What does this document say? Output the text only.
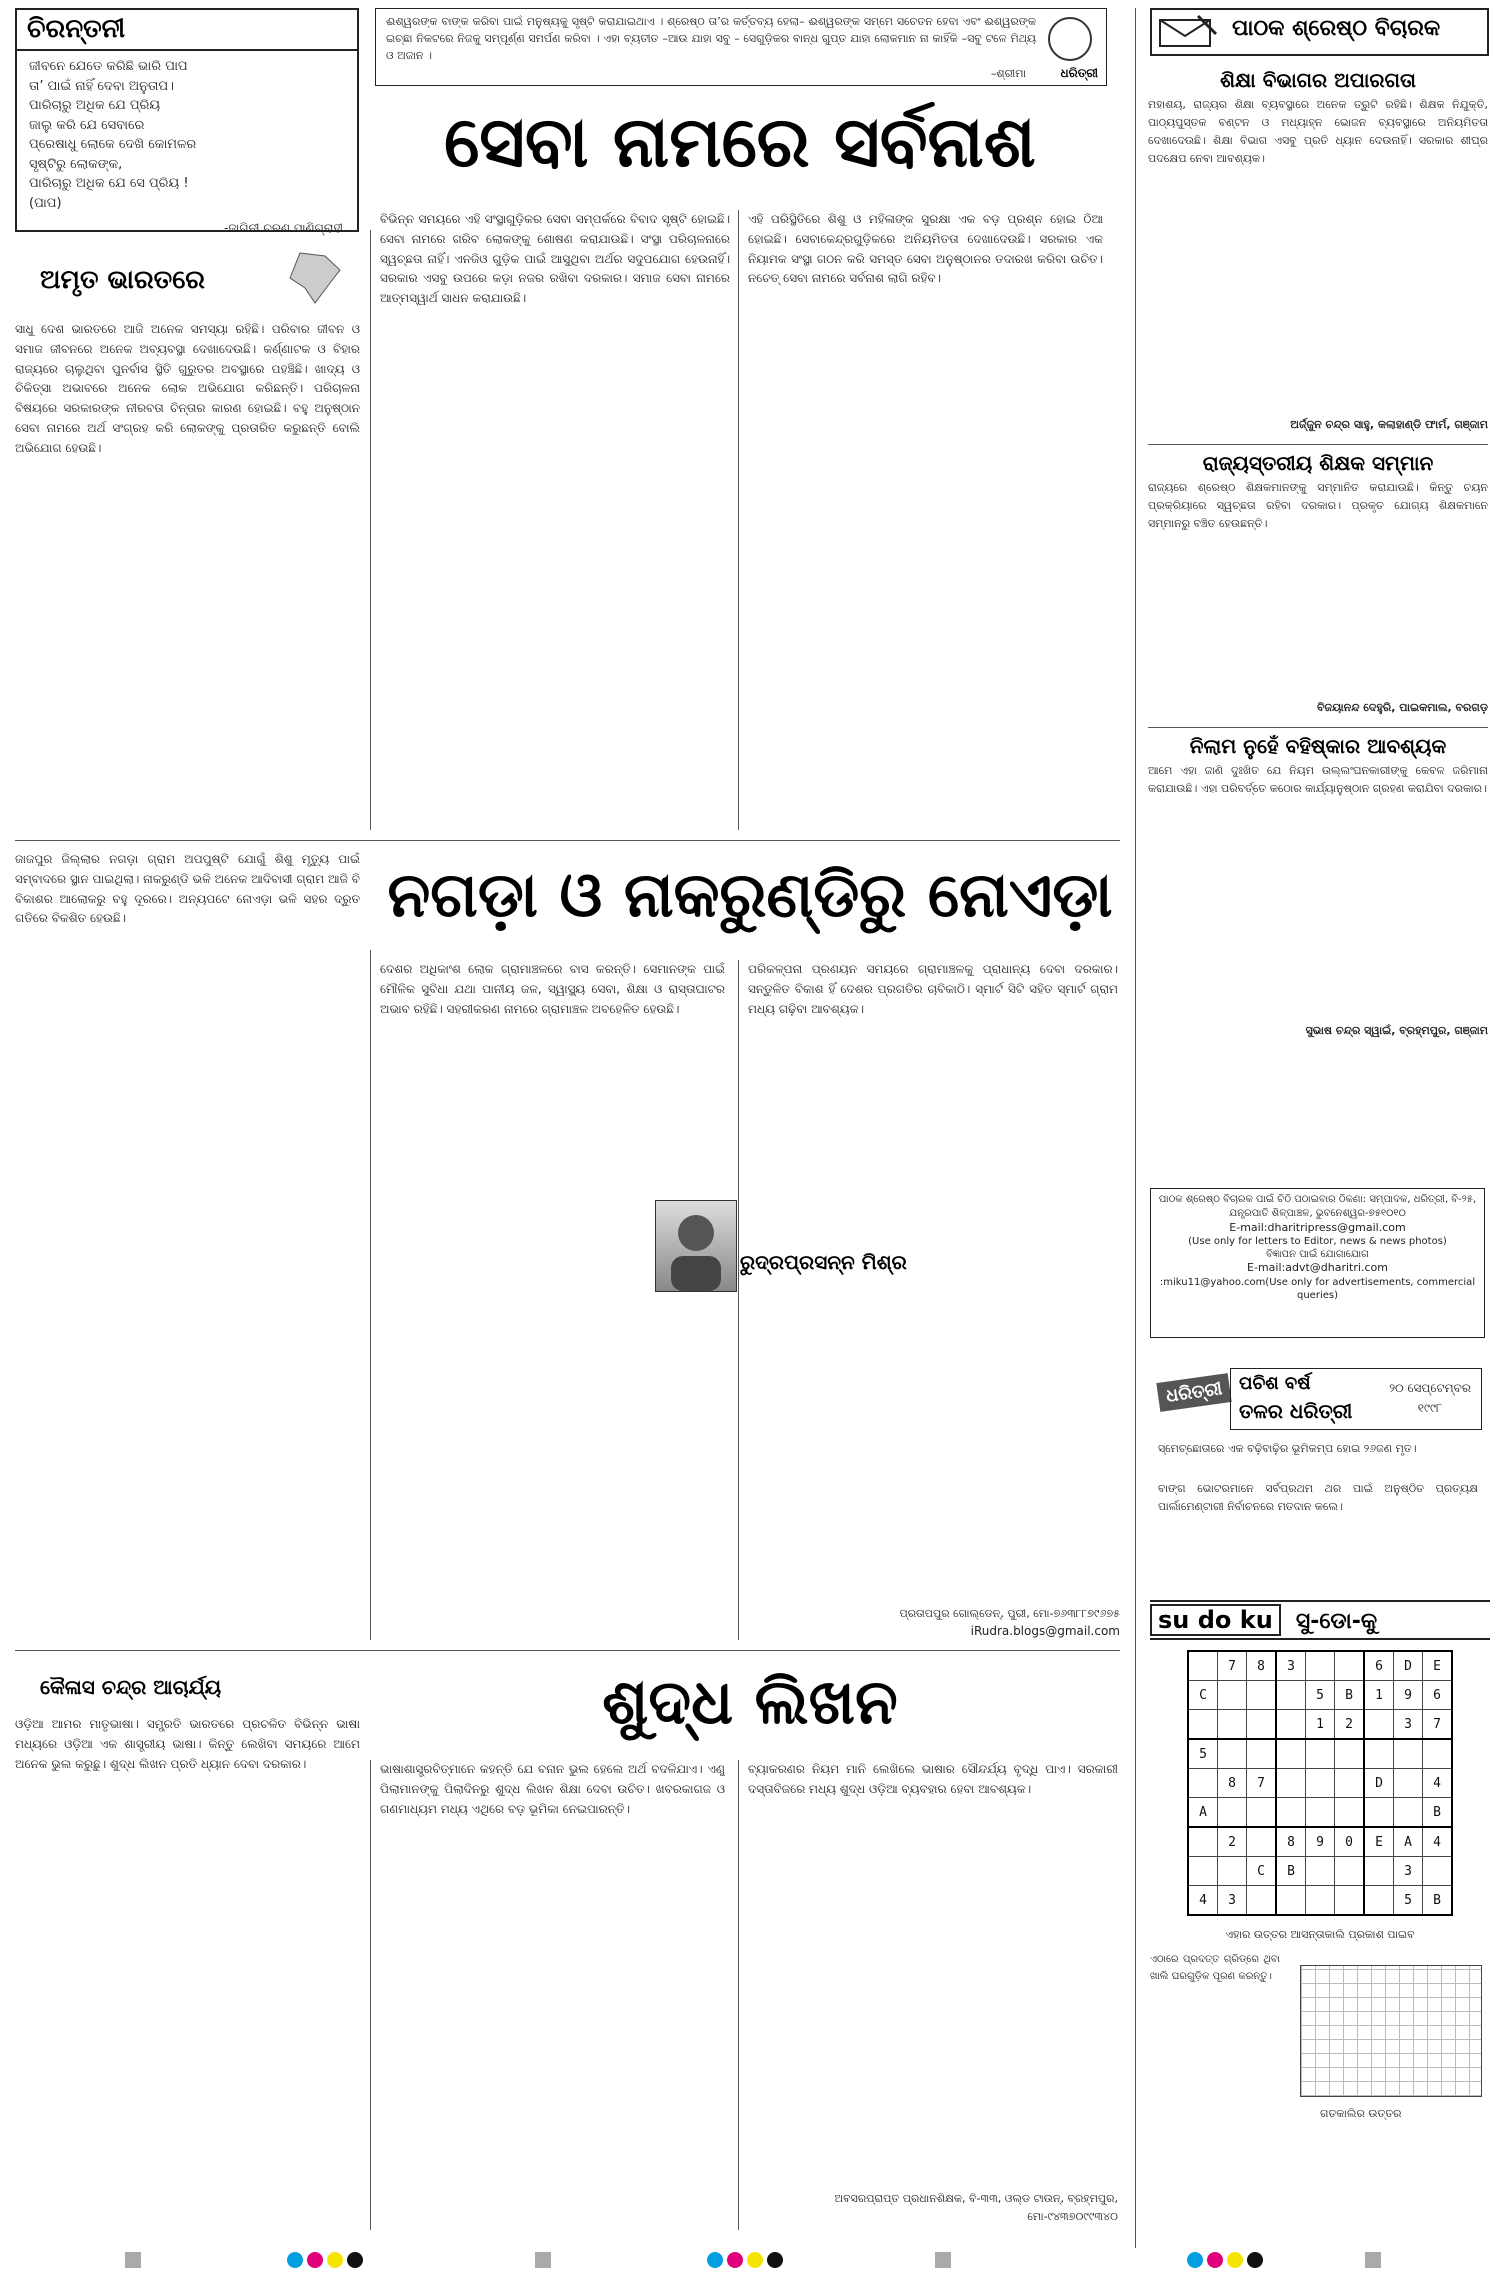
ଚିରନ୍ତନୀ
ଜୀବନେ ଯେତେ କରିଛି ଭାରି ପାପ
ତା’ ପାଇଁ ନାହିଁ ଦେବା ଅନୁତାପ।
ପାରିଚାରୁ ଅଧିକ ଯେ ପ୍ରିୟ
ଜାଲୁ କରି ଯେ ସେବାରେ
ପ୍ରେଷାଧୁ ଲୋକେ ଦେଖି କୋମଳର
ସୃଷ୍ଟିରୁ ଲୋକଙ୍କ,
ପାରିଚାରୁ ଅଧିକ ଯେ ସେ ପ୍ରିୟ !
(ପାପ)
-ଜାଗିନୀ ଚରଣ ପାଣିଗ୍ରାହୀ
ଈଶ୍ୱରଙ୍କ ବାଙ୍କ କରିବା ପାଇଁ ମନୁଷ୍ୟକୁ ସୃଷ୍ଟି କରାଯାଇଥାଏ । ଶ୍ରେଷ୍ଠ ତା’ର କର୍ତ୍ତବ୍ୟ ହେଲା– ଈଶ୍ୱରଙ୍କ ସମ୍ମେ ସଚେତନ ହେବା ଏବଂ ଈଶ୍ୱରଙ୍କ ଇଚ୍ଛା ନିକଟରେ ନିଜକୁ ସମ୍ପୂର୍ଣ୍ଣ ସମର୍ପଣ କରିବା । ଏହା ବ୍ୟତୀତ –ଆଉ ଯାହା ସବୁ – ସେଗୁଡ଼ିକର ବାନ୍ଧ ଗୁପ୍ତ ଯାହା ଲୋକମାନ ନା କାହିଁକି –ସବୁ ଟଳେ ମିଥ୍ୟ ଓ ଅଜାନ ।
–ଶ୍ରୀମା	ଧରିତ୍ରୀ
ପାଠକ ଶ୍ରେଷ୍ଠ ବିଚାରକ
ସେବା ନାମରେ ସର୍ବନାଶ
ଅମୃତ ଭାରତରେ
ସାଧୁ ଦେଶ ଭାରତରେ ଆଜି ଅନେକ ସମସ୍ୟା ରହିଛି। ପରିବାର ଜୀବନ ଓ ସମାଜ ଜୀବନରେ ଅନେକ ଅବ୍ୟବସ୍ଥା ଦେଖାଦେଉଛି। କର୍ଣ୍ଣାଟକ ଓ ବିହାର ରାଜ୍ୟରେ ଚାଲୁଥିବା ପୁନର୍ବାସ ସ୍ଥିତି ଗୁରୁତର ଅବସ୍ଥାରେ ପହଞ୍ଚିଛି। ଖାଦ୍ୟ ଓ ଚିକିତ୍ସା ଅଭାବରେ ଅନେକ ଲୋକ ଅଭିଯୋଗ କରିଛନ୍ତି। ପରିଚାଳନା ବିଷୟରେ ସରକାରଙ୍କ ନୀରବତା ଚିନ୍ତାର କାରଣ ହୋଇଛି। ବହୁ ଅନୁଷ୍ଠାନ ସେବା ନାମରେ ଅର୍ଥ ସଂଗ୍ରହ କରି ଲୋକଙ୍କୁ ପ୍ରତାରିତ କରୁଛନ୍ତି ବୋଲି ଅଭିଯୋଗ ହେଉଛି।
ବିଭିନ୍ନ ସମୟରେ ଏହି ସଂସ୍ଥାଗୁଡ଼ିକର ସେବା ସମ୍ପର୍କରେ ବିବାଦ ସୃଷ୍ଟି ହୋଇଛି। ସେବା ନାମରେ ଗରିବ ଲୋକଙ୍କୁ ଶୋଷଣ କରାଯାଉଛି। ସଂସ୍ଥା ପରିଚାଳନାରେ ସ୍ୱଚ୍ଛତା ନାହିଁ। ଏନଜିଓ ଗୁଡ଼ିକ ପାଇଁ ଆସୁଥିବା ଅର୍ଥର ସଦୁପଯୋଗ ହେଉନାହିଁ। ସରକାର ଏସବୁ ଉପରେ କଡ଼ା ନଜର ରଖିବା ଦରକାର। ସମାଜ ସେବା ନାମରେ ଆତ୍ମସ୍ୱାର୍ଥ ସାଧନ କରାଯାଉଛି।
ଏହି ପରିସ୍ଥିତିରେ ଶିଶୁ ଓ ମହିଳାଙ୍କ ସୁରକ୍ଷା ଏକ ବଡ଼ ପ୍ରଶ୍ନ ହୋଇ ଠିଆ ହୋଇଛି। ସେବାକେନ୍ଦ୍ରଗୁଡ଼ିକରେ ଅନିୟମିତତା ଦେଖାଦେଉଛି। ସରକାର ଏକ ନିୟାମକ ସଂସ୍ଥା ଗଠନ କରି ସମସ୍ତ ସେବା ଅନୁଷ୍ଠାନର ତଦାରଖ କରିବା ଉଚିତ। ନଚେତ୍ ସେବା ନାମରେ ସର୍ବନାଶ ଲାଗି ରହିବ।
ଶିକ୍ଷା ବିଭାଗର ଅପାରଗତା
ମହାଶୟ, ରାଜ୍ୟର ଶିକ୍ଷା ବ୍ୟବସ୍ଥାରେ ଅନେକ ତ୍ରୁଟି ରହିଛି। ଶିକ୍ଷକ ନିଯୁକ୍ତି, ପାଠ୍ୟପୁସ୍ତକ ବଣ୍ଟନ ଓ ମଧ୍ୟାହ୍ନ ଭୋଜନ ବ୍ୟବସ୍ଥାରେ ଅନିୟମିତତା ଦେଖାଦେଉଛି। ଶିକ୍ଷା ବିଭାଗ ଏସବୁ ପ୍ରତି ଧ୍ୟାନ ଦେଉନାହିଁ। ସରକାର ଶୀଘ୍ର ପଦକ୍ଷେପ ନେବା ଆବଶ୍ୟକ।
ଅର୍ଜ୍ଜୁନ ଚନ୍ଦ୍ର ସାହୁ, କଲାହାଣ୍ଡି ଫାର୍ମ, ଗଞ୍ଜାମ
ରାଜ୍ୟସ୍ତରୀୟ ଶିକ୍ଷକ ସମ୍ମାନ
ରାଜ୍ୟରେ ଶ୍ରେଷ୍ଠ ଶିକ୍ଷକମାନଙ୍କୁ ସମ୍ମାନିତ କରାଯାଉଛି। କିନ୍ତୁ ଚୟନ ପ୍ରକ୍ରିୟାରେ ସ୍ୱଚ୍ଛତା ରହିବା ଦରକାର। ପ୍ରକୃତ ଯୋଗ୍ୟ ଶିକ୍ଷକମାନେ ସମ୍ମାନରୁ ବଞ୍ଚିତ ହେଉଛନ୍ତି।
ବିଜୟାନନ୍ଦ ଦେହୁରି, ପାଇକମାଲ, ବରଗଡ଼
ନିଲାମ ନୁହେଁ ବହିଷ୍କାର ଆବଶ୍ୟକ
ଆମେ ଏହା ଜାଣି ଦୁଃଖିତ ଯେ ନିୟମ ଉଲ୍ଲଂଘନକାରୀଙ୍କୁ କେବଳ ଜରିମାନା କରାଯାଉଛି। ଏହା ପରିବର୍ତ୍ତେ କଠୋର କାର୍ଯ୍ୟାନୁଷ୍ଠାନ ଗ୍ରହଣ କରାଯିବା ଦରକାର।
ସୁଭାଷ ଚନ୍ଦ୍ର ସ୍ୱାଇଁ, ବ୍ରହ୍ମପୁର, ଗଞ୍ଜାମ
ପାଠକ ଶ୍ରେଷ୍ଠ ବିଚାରକ ପାଇଁ ଚିଠି ପଠାଇବାର ଠିକଣା: ସମ୍ପାଦକ, ଧରିତ୍ରୀ, ବି-୨୫, ଯନ୍ତ୍ରପାତି ଶିଳ୍ପାଞ୍ଚଳ, ଭୁବନେଶ୍ୱର-୭୫୧୦୧୦
E-mail:dharitripress@gmail.com
(Use only for letters to Editor, news & news photos)
ବିଜ୍ଞାପନ ପାଇଁ ଯୋଗାଯୋଗ
E-mail:advt@dharitri.com
:miku11@yahoo.com(Use only for advertisements, commercial queries)
ଧରିତ୍ରୀ ପଚିଶ ବର୍ଷ
ତଳର ଧରିତ୍ରୀ
୨୦ ସେପ୍ଟେମ୍ବର ୧୯୯୮
ସ୍ମେଚ୍ଛୋତାରେ ଏକ ବଢ଼ିବାଢ଼ିର ଭୂମିକମ୍ପ ହୋଇ ୨୬ଜଣ ମୃତ।
ବାଙ୍ଗ ଭୋଟରମାନେ ସର୍ବପ୍ରଥମ ଥର ପାଇଁ ଅନୁଷ୍ଠିତ ପ୍ରତ୍ୟକ୍ଷ ପାର୍ଲାମେଣ୍ଟାରୀ ନିର୍ବାଚନରେ ମତଦାନ କଲେ।
su do ku ସୁ-ଡୋ-କୁ
	7	8	3			6	D	E
C				5	B	1	9	6
				1	2		3	7
5								
	8	7				D		4
A								B
	2		8	9	0	E	A	4
		C	B				3	
4	3						5	B
ଏହାର ଉତ୍ତର ଆସନ୍ତାକାଲି ପ୍ରକାଶ ପାଇବ
ଏଠାରେ ପ୍ରଦତ୍ତ ଗ୍ରିଡ୍‌ରେ ଥିବା ଖାଲି ଘରଗୁଡ଼ିକ ପୂରଣ କରନ୍ତୁ।
ଗତକାଲିର ଉତ୍ତର
ନଗଡ଼ା ଓ ନାକରୁଣ୍ଡିରୁ ନୋଏଡ଼ା
ଜାଜପୁର ଜିଲ୍ଲାର ନଗଡ଼ା ଗ୍ରାମ ଅପପୁଷ୍ଟି ଯୋଗୁଁ ଶିଶୁ ମୃତ୍ୟୁ ପାଇଁ ସମ୍ବାଦରେ ସ୍ଥାନ ପାଇଥିଲା। ନାକରୁଣ୍ଡି ଭଳି ଅନେକ ଆଦିବାସୀ ଗ୍ରାମ ଆଜି ବି ବିକାଶର ଆଲୋକରୁ ବହୁ ଦୂରରେ। ଅନ୍ୟପଟେ ନୋଏଡ଼ା ଭଳି ସହର ଦ୍ରୁତ ଗତିରେ ବିକଶିତ ହେଉଛି।
ଦେଶର ଅଧିକାଂଶ ଲୋକ ଗ୍ରାମାଞ୍ଚଳରେ ବାସ କରନ୍ତି। ସେମାନଙ୍କ ପାଇଁ ମୌଳିକ ସୁବିଧା ଯଥା ପାନୀୟ ଜଳ, ସ୍ୱାସ୍ଥ୍ୟ ସେବା, ଶିକ୍ଷା ଓ ରାସ୍ତାଘାଟର ଅଭାବ ରହିଛି। ସହରୀକରଣ ନାମରେ ଗ୍ରାମାଞ୍ଚଳ ଅବହେଳିତ ହେଉଛି।
ପରିକଳ୍ପନା ପ୍ରଣୟନ ସମୟରେ ଗ୍ରାମାଞ୍ଚଳକୁ ପ୍ରାଧାନ୍ୟ ଦେବା ଦରକାର। ସନ୍ତୁଳିତ ବିକାଶ ହିଁ ଦେଶର ପ୍ରଗତିର ଚାବିକାଠି। ସ୍ମାର୍ଟ ସିଟି ସହିତ ସ୍ମାର୍ଟ ଗ୍ରାମ ମଧ୍ୟ ଗଢ଼ିବା ଆବଶ୍ୟକ।
ରୁଦ୍ରପ୍ରସନ୍ନ ମିଶ୍ର
ପ୍ରତାପପୁର ଗୋଲ୍ଡେନ୍, ପୁରୀ, ମୋ-୭୬୩୮୮୭୯୬୭୫
iRudra.blogs@gmail.com
କୈଳାସ ଚନ୍ଦ୍ର ଆଚାର୍ଯ୍ୟ	ଶୁଦ୍ଧ ଲିଖନ
ଓଡ଼ିଆ ଆମର ମାତୃଭାଷା। ସମ୍ପ୍ରତି ଭାରତରେ ପ୍ରଚଳିତ ବିଭିନ୍ନ ଭାଷା ମଧ୍ୟରେ ଓଡ଼ିଆ ଏକ ଶାସ୍ତ୍ରୀୟ ଭାଷା। କିନ୍ତୁ ଲେଖିବା ସମୟରେ ଆମେ ଅନେକ ଭୁଲ କରୁଛୁ। ଶୁଦ୍ଧ ଲିଖନ ପ୍ରତି ଧ୍ୟାନ ଦେବା ଦରକାର।	ଭାଷାଶାସ୍ତ୍ରବିତ୍‌ମାନେ କହନ୍ତି ଯେ ବନାନ ଭୁଲ ହେଲେ ଅର୍ଥ ବଦଳିଯାଏ। ଏଣୁ ପିଲାମାନଙ୍କୁ ପିଲାଦିନରୁ ଶୁଦ୍ଧ ଲିଖନ ଶିକ୍ଷା ଦେବା ଉଚିତ। ଖବରକାଗଜ ଓ ଗଣମାଧ୍ୟମ ମଧ୍ୟ ଏଥିରେ ବଡ଼ ଭୂମିକା ନେଇପାରନ୍ତି।
ବ୍ୟାକରଣର ନିୟମ ମାନି ଲେଖିଲେ ଭାଷାର ସୌନ୍ଦର୍ଯ୍ୟ ବୃଦ୍ଧି ପାଏ। ସରକାରୀ ଦସ୍ତାବିଜରେ ମଧ୍ୟ ଶୁଦ୍ଧ ଓଡ଼ିଆ ବ୍ୟବହାର ହେବା ଆବଶ୍ୟକ।
ଅବସରପ୍ରାପ୍ତ ପ୍ରଧାନଶିକ୍ଷକ, ବି-୩୩, ଓଲ୍ଡ ଟାଉନ୍, ବ୍ରହ୍ମପୁର, ମୋ-୯୪୩୭୦୯୯୩୪୦
